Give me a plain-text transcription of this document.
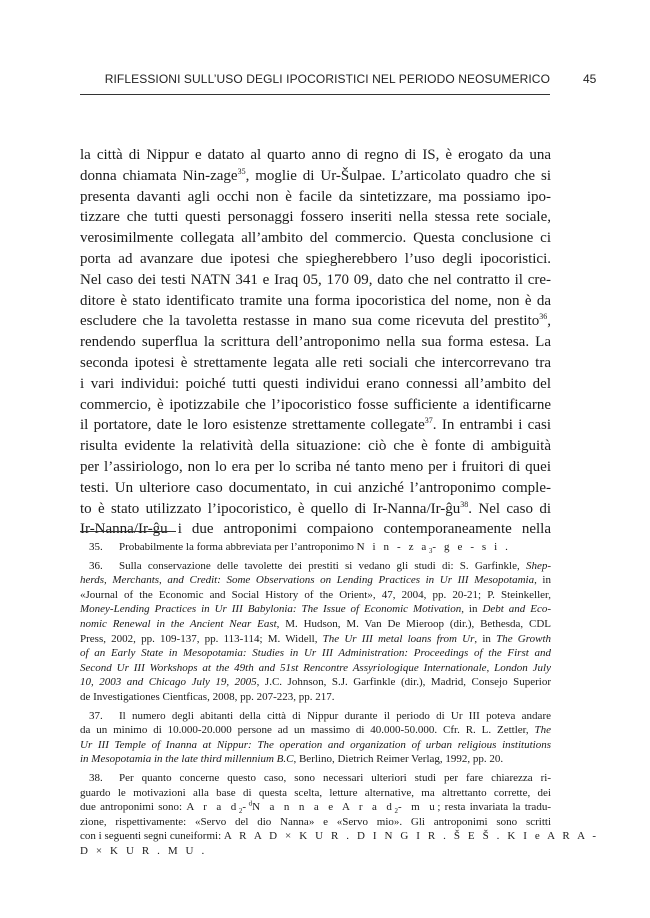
RIFLESSIONI SULL’USO DEGLI IPOCORISTICI NEL PERIODO NEOSUMERICO	45
la città di Nippur e datato al quarto anno di regno di IS, è erogato da una
donna chiamata Nin-zage$^{35}$, moglie di Ur-Šulpae. L’articolato quadro che si
presenta davanti agli occhi non è facile da sintetizzare, ma possiamo ipo-
tizzare che tutti questi personaggi fossero inseriti nella stessa rete sociale,
verosimilmente collegata all’ambito del commercio. Questa conclusione ci
porta ad avanzare due ipotesi che spiegherebbero l’uso degli ipocoristici.
Nel caso dei testi NATN 341 e Iraq 05, 170 09, dato che nel contratto il cre-
ditore è stato identificato tramite una forma ipocoristica del nome, non è da
escludere che la tavoletta restasse in mano sua come ricevuta del prestito$^{36}$,
rendendo superflua la scrittura dell’antroponimo nella sua forma estesa. La
seconda ipotesi è strettamente legata alle reti sociali che intercorrevano tra
i vari individui: poiché tutti questi individui erano connessi all’ambito del
commercio, è ipotizzabile che l’ipocoristico fosse sufficiente a identificarne
il portatore, date le loro esistenze strettamente collegate$^{37}$. In entrambi i casi
risulta evidente la relatività della situazione: ciò che è fonte di ambiguità
per l’assiriologo, non lo era per lo scriba né tanto meno per i fruitori di quei
testi. Un ulteriore caso documentato, in cui anziché l’antroponimo comple-
to è stato utilizzato l’ipocoristico, è quello di $Ir-Nanna/Ir-ĝu^{38}$. Nel caso di
Ir-Nanna/Ir-ĝu i due antroponimi compaiono contemporaneamente nella
35. Probabilmente la forma abbreviata per l’antroponimo N i n - z $a_3-$ g e - s i .
36. Sulla conservazione delle tavolette dei prestiti si vedano gli studi di: S. Garfinkle, Shep-
herds, Merchants, and Credit: Some Observations on Lending Practices in Ur III Mesopotamia, in
«Journal of the Economic and Social History of the Orient», 47, 2004, pp. 20-21; P. Steinkeller,
Money-Lending Practices in Ur III Babylonia: The Issue of Economic Motivation, in Debt and Eco-
nomic Renewal in the Ancient Near East, M. Hudson, M. Van De Mieroop (dir.), Bethesda, CDL
Press, 2002, pp. 109-137, pp. 113-114; M. Widell, The Ur III metal loans from Ur, in The Growth
of an Early State in Mesopotamia: Studies in Ur III Administration: Proceedings of the First and
Second Ur III Workshops at the 49th and 51st Rencontre Assyriologique Internationale, London July
10, 2003 and Chicago July 19, 2005, J.C. Johnson, S.J. Garfinkle (dir.), Madrid, Consejo Superior
de Investigationes Cientficas, 2008, pp. 207-223, pp. 217.
37. Il numero degli abitanti della città di Nippur durante il periodo di Ur III poteva andare
da un minimo di 10.000-20.000 persone ad un massimo di 40.000-50.000. Cfr. R. L. Zettler, The
Ur III Temple of Inanna at Nippur: The operation and organization of urban religious institutions
in Mesopotamia in the late third millennium B.C, Berlino, Dietrich Reimer Verlag, 1992, pp. 20.
38. Per quanto concerne questo caso, sono necessari ulteriori studi per fare chiarezza ri-
guardo le motivazioni alla base di questa scelta, letture alternative, ma altrettanto corrette, dei
due antroponimi sono: A r a $d_2-^dN$ a n n a e A r a $d_2-$ m u; resta invariata la tradu-
zione, rispettivamente: «Servo del dio Nanna» e «Servo mio». Gli antroponimi sono scritti
con i seguenti segni cuneiformi: A R A D × K U R . D I N G I R . Š E Š . K I e A R A -
D × K U R . M U .
